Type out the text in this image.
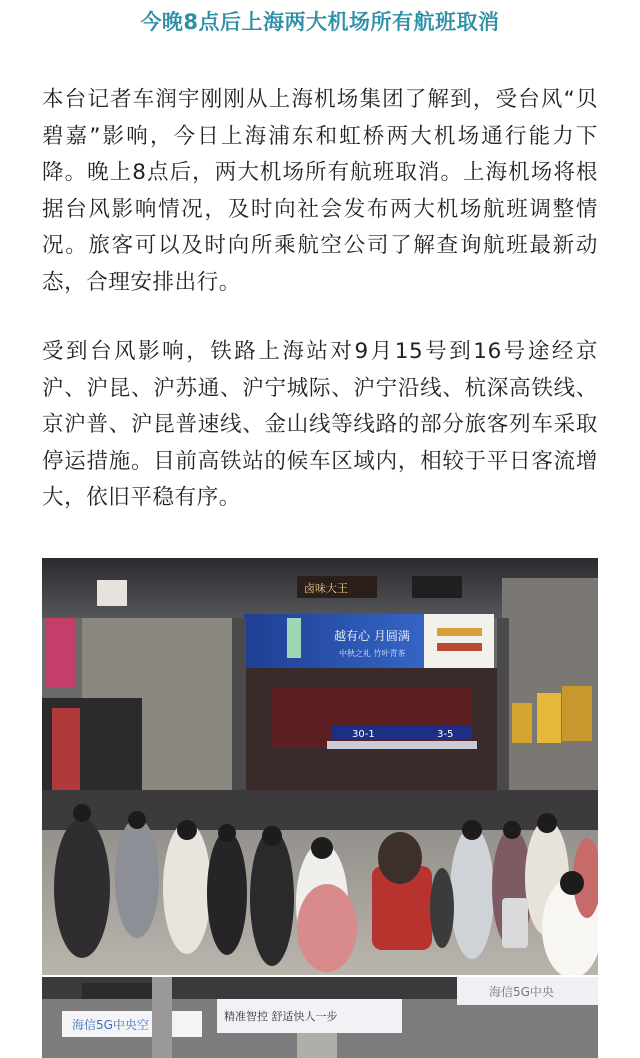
今晚8点后上海两大机场所有航班取消

本台记者车润宇刚刚从上海机场集团了解到，受台风“贝碧嘉”影响，今日上海浦东和虹桥两大机场通行能力下降。晚上8点后，两大机场所有航班取消。上海机场将根据台风影响情况，及时向社会发布两大机场航班调整情况。旅客可以及时向所乘航空公司了解查询航班最新动态，合理安排出行。

受到台风影响，铁路上海站对9月15号到16号途经京沪、沪昆、沪苏通、沪宁城际、沪宁沿线、杭深高铁线、京沪普、沪昆普速线、金山线等线路的部分旅客列车采取停运措施。目前高铁站的候车区域内，相较于平日客流增大，依旧平稳有序。

卤味大王
越有心 月圆满
中秋之礼 竹叶青茶
30-1	3-5
海信5G中央空
精准智控 舒适快人一步
海信5G中央
